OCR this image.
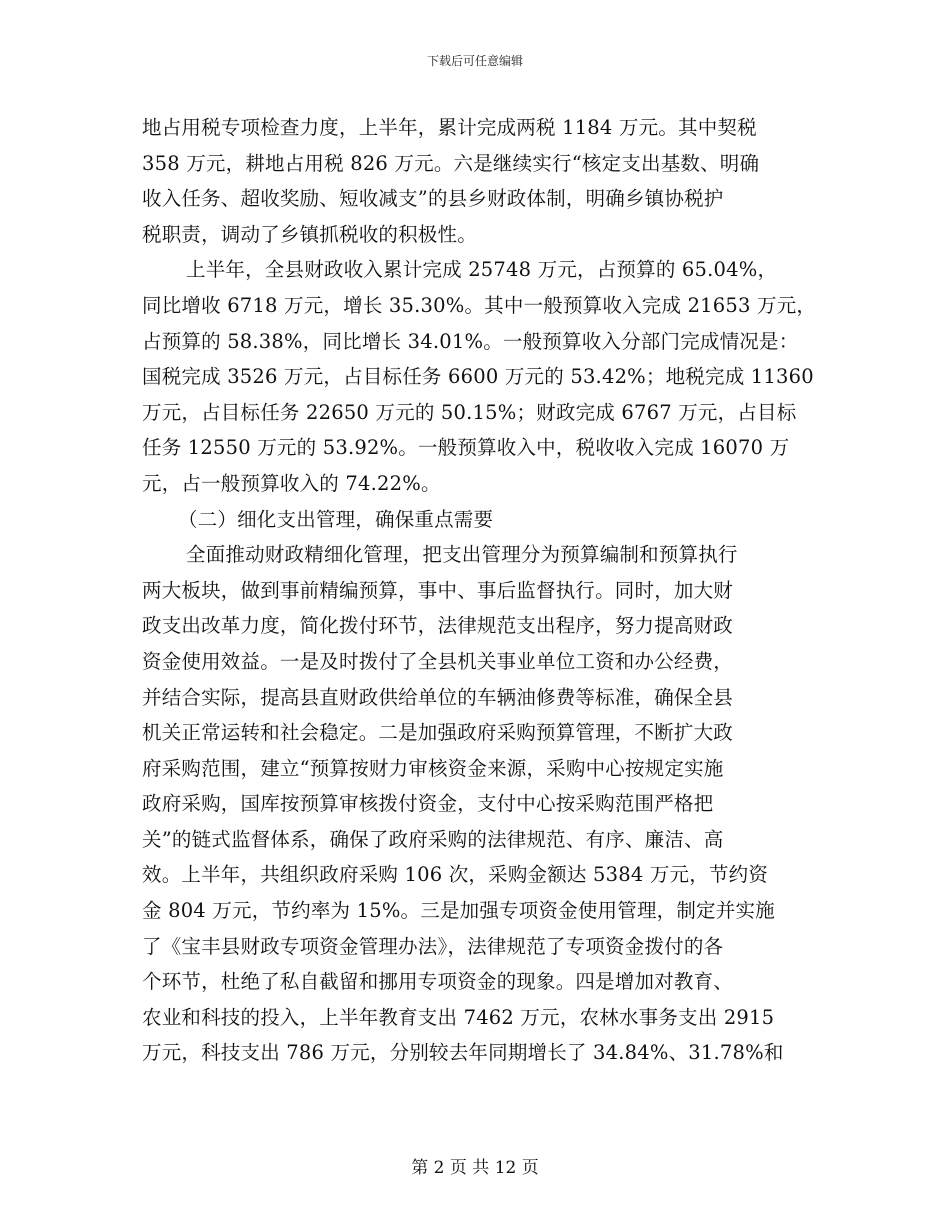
下载后可任意编辑
地占用税专项检查力度，上半年，累计完成两税 1184 万元。其中契税
358 万元，耕地占用税 826 万元。六是继续实行“核定支出基数、明确
收入任务、超收奖励、短收减支”的县乡财政体制，明确乡镇协税护
税职责，调动了乡镇抓税收的积极性。
上半年，全县财政收入累计完成 25748 万元，占预算的 65.04%，
同比增收 6718 万元，增长 35.30%。其中一般预算收入完成 21653 万元，
占预算的 58.38%，同比增长 34.01%。一般预算收入分部门完成情况是：
国税完成 3526 万元，占目标任务 6600 万元的 53.42%；地税完成 11360
万元，占目标任务 22650 万元的 50.15%；财政完成 6767 万元，占目标
任务 12550 万元的 53.92%。一般预算收入中，税收收入完成 16070 万
元，占一般预算收入的 74.22%。
（二）细化支出管理，确保重点需要
全面推动财政精细化管理，把支出管理分为预算编制和预算执行
两大板块，做到事前精编预算，事中、事后监督执行。同时，加大财
政支出改革力度，简化拨付环节，法律规范支出程序，努力提高财政
资金使用效益。一是及时拨付了全县机关事业单位工资和办公经费，
并结合实际，提高县直财政供给单位的车辆油修费等标准，确保全县
机关正常运转和社会稳定。二是加强政府采购预算管理，不断扩大政
府采购范围，建立“预算按财力审核资金来源，采购中心按规定实施
政府采购，国库按预算审核拨付资金，支付中心按采购范围严格把
关”的链式监督体系，确保了政府采购的法律规范、有序、廉洁、高
效。上半年，共组织政府采购 106 次，采购金额达 5384 万元，节约资
金 804 万元，节约率为 15%。三是加强专项资金使用管理，制定并实施
了《宝丰县财政专项资金管理办法》，法律规范了专项资金拨付的各
个环节，杜绝了私自截留和挪用专项资金的现象。四是增加对教育、
农业和科技的投入，上半年教育支出 7462 万元，农林水事务支出 2915
万元，科技支出 786 万元，分别较去年同期增长了 34.84%、31.78%和
第 2 页 共 12 页
